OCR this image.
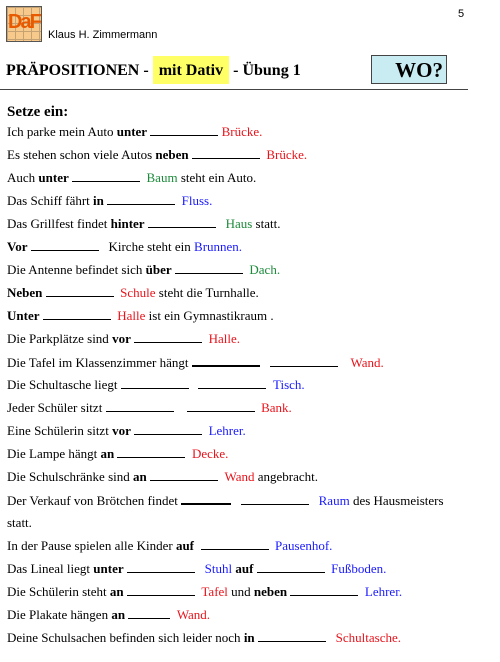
DaF
Klaus H. Zimmermann
5
PRÄPOSITIONEN - mit Dativ - Übung 1	WO?
Setze ein:
Ich parke mein Auto unter	Brücke.
Es stehen schon viele Autos neben	Brücke.
Auch unter	Baum steht ein Auto.
Das Schiff fährt in	Fluss.
Das Grillfest findet hinter	Haus statt.
Vor	Kirche steht ein Brunnen.
Die Antenne befindet sich über	Dach.
Neben	Schule steht die Turnhalle.
Unter	Halle ist ein Gymnastikraum .
Die Parkplätze sind vor	Halle.
Die Tafel im Klassenzimmer hängt	Wand.
Die Schultasche liegt	Tisch.
Jeder Schüler sitzt	Bank.
Eine Schülerin sitzt vor	Lehrer.
Die Lampe hängt an	Decke.
Die Schulschränke sind an	Wand angebracht.
Der Verkauf von Brötchen findet	Raum des Hausmeisters
statt.
In der Pause spielen alle Kinder auf	Pausenhof.
Das Lineal liegt unter	Stuhl auf	Fußboden.
Die Schülerin steht an	Tafel und neben	Lehrer.
Die Plakate hängen an	Wand.
Deine Schulsachen befinden sich leider noch in	Schultasche.
